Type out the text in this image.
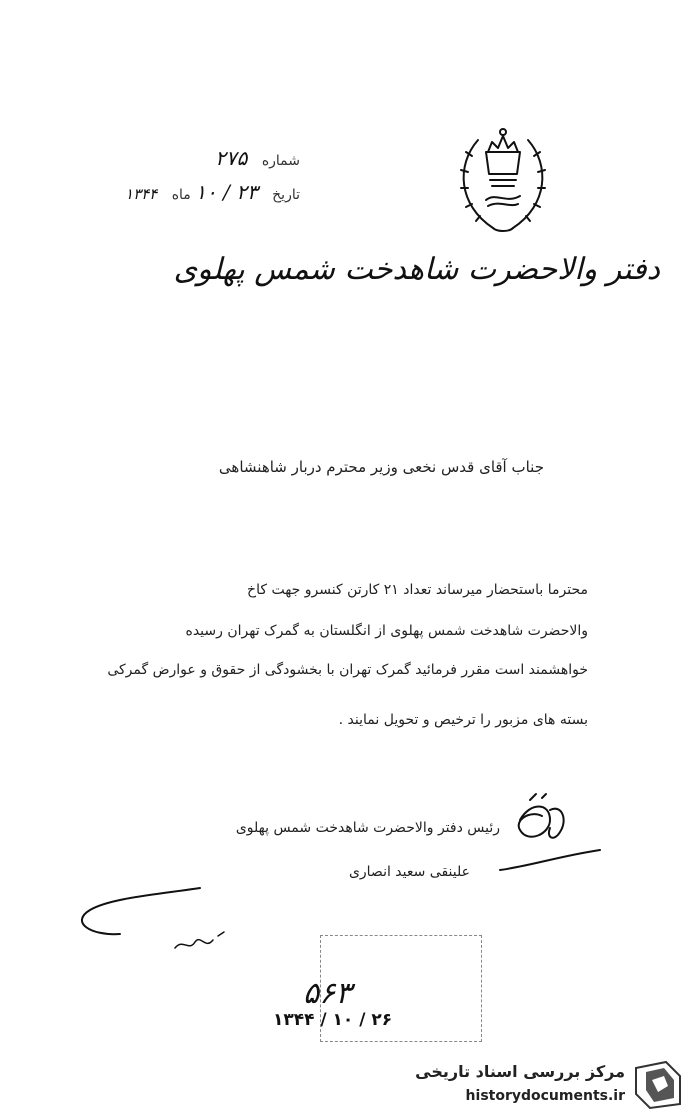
دفتر والاحضرت شاهدخت شمس پهلوی
شماره ۲۷۵
تاریخ ۲۳ / ۱۰ ماه ۱۳۴۴
جناب آقای قدس نخعی وزیر محترم دربار شاهنشاهی
محترما باستحضار میرساند تعداد ۲۱ کارتن کنسرو جهت کاخ
والاحضرت شاهدخت شمس پهلوی از انگلستان به گمرک تهران رسیده
خواهشمند است مقرر فرمائید گمرک تهران با بخشودگی از حقوق و عوارض گمرکی
بسته های مزبور را ترخیص و تحویل نمایند .
رئیس دفتر والاحضرت شاهدخت شمس پهلوی
علینقی سعید انصاری
۵۶۳
۱۳۴۴ / ۱۰ / ۲۶
مرکز بررسی اسناد تاریخی
historydocuments.ir
